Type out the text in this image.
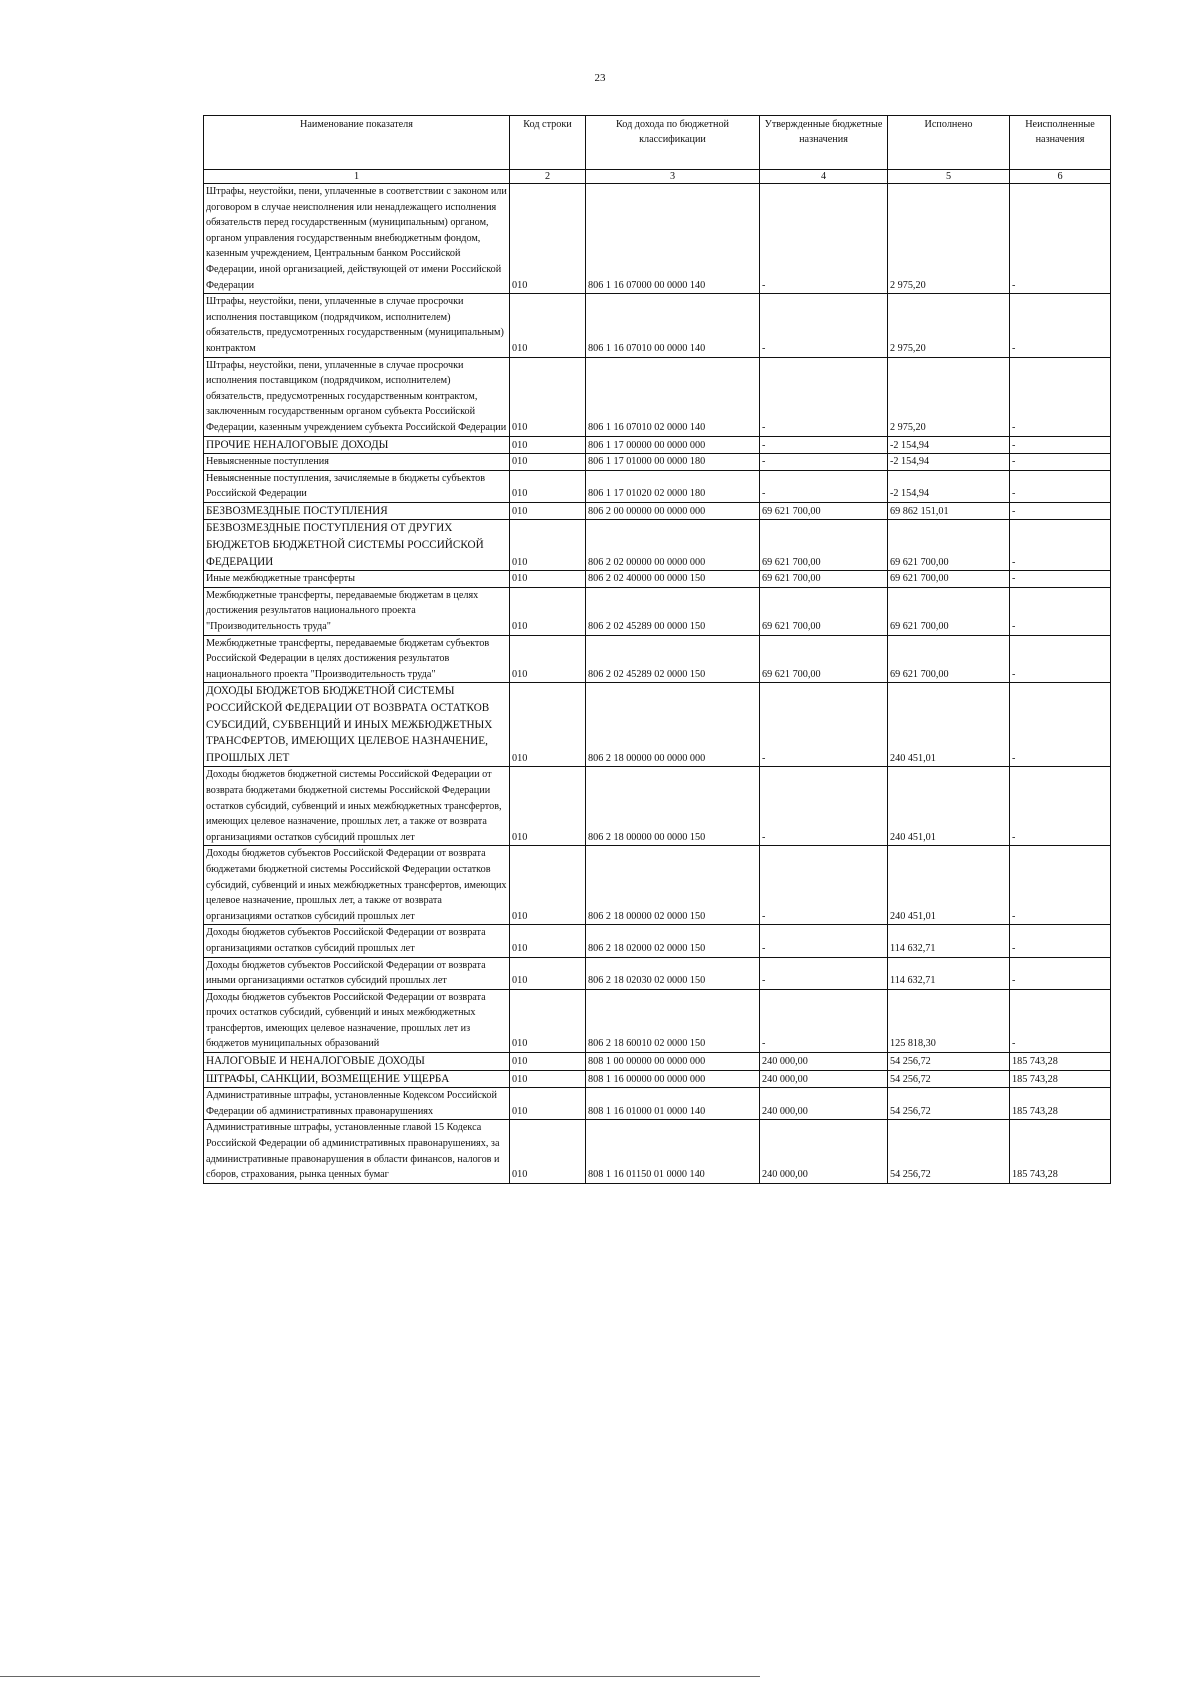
23
Наименование показателя	Код строки	Код дохода по бюджетной классификации	Утвержденные бюджетные назначения	Исполнено	Неисполненные назначения
1	2	3	4	5	6
Штрафы, неустойки, пени, уплаченные в соответствии с законом или договором в случае неисполнения или ненадлежащего исполнения обязательств перед государственным (муниципальным) органом, органом управления государственным внебюджетным фондом, казенным учреждением, Центральным банком Российской Федерации, иной организацией, действующей от имени Российской Федерации	010	806 1 16 07000 00 0000 140	-	2 975,20	-
Штрафы, неустойки, пени, уплаченные в случае просрочки исполнения поставщиком (подрядчиком, исполнителем) обязательств, предусмотренных государственным (муниципальным) контрактом	010	806 1 16 07010 00 0000 140	-	2 975,20	-
Штрафы, неустойки, пени, уплаченные в случае просрочки исполнения поставщиком (подрядчиком, исполнителем) обязательств, предусмотренных государственным контрактом, заключенным государственным органом субъекта Российской Федерации, казенным учреждением субъекта Российской Федерации	010	806 1 16 07010 02 0000 140	-	2 975,20	-
ПРОЧИЕ НЕНАЛОГОВЫЕ ДОХОДЫ	010	806 1 17 00000 00 0000 000	-	-2 154,94	-
Невыясненные поступления	010	806 1 17 01000 00 0000 180	-	-2 154,94	-
Невыясненные поступления, зачисляемые в бюджеты субъектов Российской Федерации	010	806 1 17 01020 02 0000 180	-	-2 154,94	-
БЕЗВОЗМЕЗДНЫЕ ПОСТУПЛЕНИЯ	010	806 2 00 00000 00 0000 000	69 621 700,00	69 862 151,01	-
БЕЗВОЗМЕЗДНЫЕ ПОСТУПЛЕНИЯ ОТ ДРУГИХ БЮДЖЕТОВ БЮДЖЕТНОЙ СИСТЕМЫ РОССИЙСКОЙ ФЕДЕРАЦИИ	010	806 2 02 00000 00 0000 000	69 621 700,00	69 621 700,00	-
Иные межбюджетные трансферты	010	806 2 02 40000 00 0000 150	69 621 700,00	69 621 700,00	-
Межбюджетные трансферты, передаваемые бюджетам в целях достижения результатов национального проекта "Производительность труда"	010	806 2 02 45289 00 0000 150	69 621 700,00	69 621 700,00	-
Межбюджетные трансферты, передаваемые бюджетам субъектов Российской Федерации в целях достижения результатов национального проекта "Производительность труда"	010	806 2 02 45289 02 0000 150	69 621 700,00	69 621 700,00	-
ДОХОДЫ БЮДЖЕТОВ БЮДЖЕТНОЙ СИСТЕМЫ РОССИЙСКОЙ ФЕДЕРАЦИИ ОТ ВОЗВРАТА ОСТАТКОВ СУБСИДИЙ, СУБВЕНЦИЙ И ИНЫХ МЕЖБЮДЖЕТНЫХ ТРАНСФЕРТОВ, ИМЕЮЩИХ ЦЕЛЕВОЕ НАЗНАЧЕНИЕ, ПРОШЛЫХ ЛЕТ	010	806 2 18 00000 00 0000 000	-	240 451,01	-
Доходы бюджетов бюджетной системы Российской Федерации от возврата бюджетами бюджетной системы Российской Федерации остатков субсидий, субвенций и иных межбюджетных трансфертов, имеющих целевое назначение, прошлых лет, а также от возврата организациями остатков субсидий прошлых лет	010	806 2 18 00000 00 0000 150	-	240 451,01	-
Доходы бюджетов субъектов Российской Федерации от возврата бюджетами бюджетной системы Российской Федерации остатков субсидий, субвенций и иных межбюджетных трансфертов, имеющих целевое назначение, прошлых лет, а также от возврата организациями остатков субсидий прошлых лет	010	806 2 18 00000 02 0000 150	-	240 451,01	-
Доходы бюджетов субъектов Российской Федерации от возврата организациями остатков субсидий прошлых лет	010	806 2 18 02000 02 0000 150	-	114 632,71	-
Доходы бюджетов субъектов Российской Федерации от возврата иными организациями остатков субсидий прошлых лет	010	806 2 18 02030 02 0000 150	-	114 632,71	-
Доходы бюджетов субъектов Российской Федерации от возврата прочих остатков субсидий, субвенций и иных межбюджетных трансфертов, имеющих целевое назначение, прошлых лет из бюджетов муниципальных образований	010	806 2 18 60010 02 0000 150	-	125 818,30	-
НАЛОГОВЫЕ И НЕНАЛОГОВЫЕ ДОХОДЫ	010	808 1 00 00000 00 0000 000	240 000,00	54 256,72	185 743,28
ШТРАФЫ, САНКЦИИ, ВОЗМЕЩЕНИЕ УЩЕРБА	010	808 1 16 00000 00 0000 000	240 000,00	54 256,72	185 743,28
Административные штрафы, установленные Кодексом Российской Федерации об административных правонарушениях	010	808 1 16 01000 01 0000 140	240 000,00	54 256,72	185 743,28
Административные штрафы, установленные главой 15 Кодекса Российской Федерации об административных правонарушениях, за административные правонарушения в области финансов, налогов и сборов, страхования, рынка ценных бумаг	010	808 1 16 01150 01 0000 140	240 000,00	54 256,72	185 743,28
